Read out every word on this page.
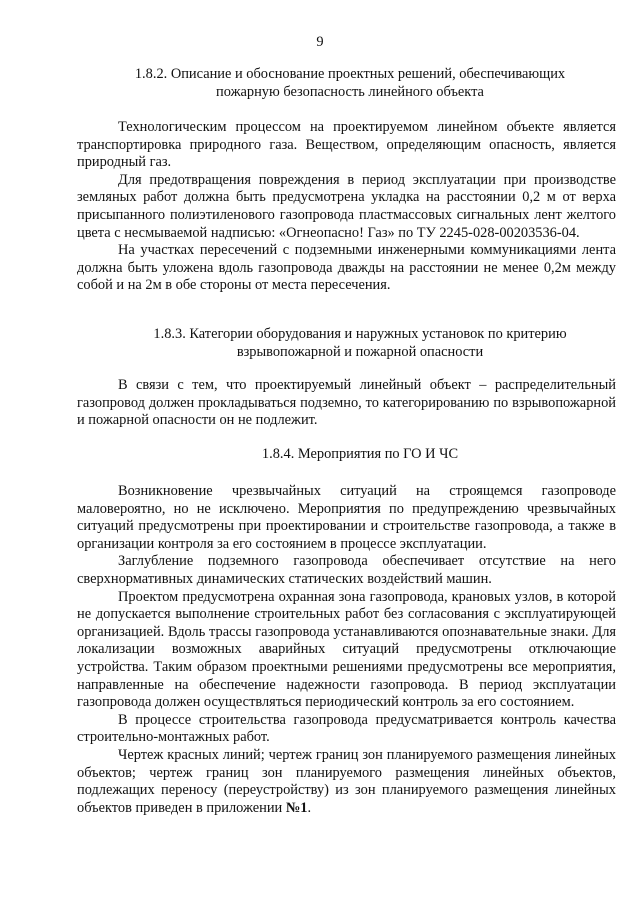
9

1.8.2. Описание и обоснование проектных решений, обеспечивающих

пожарную безопасность линейного объекта

Технологическим процессом на проектируемом линейном объекте является транспортировка природного газа. Веществом, определяющим опасность, является природный газ.

Для предотвращения повреждения в период эксплуатации при производстве земляных работ должна быть предусмотрена укладка на расстоянии 0,2 м от верха присыпанного полиэтиленового газопровода пластмассовых сигнальных лент желтого цвета с несмываемой надписью: «Огнеопасно! Газ» по ТУ 2245-028-00203536-04.

На участках пересечений с подземными инженерными коммуникациями лента должна быть уложена вдоль газопровода дважды на расстоянии не менее 0,2м между собой и на 2м в обе стороны от места пересечения.

1.8.3. Категории оборудования и наружных установок по критерию

взрывопожарной и пожарной опасности

В связи с тем, что проектируемый линейный объект – распределительный газопровод должен прокладываться подземно, то категорированию по взрывопожарной и пожарной опасности он не подлежит.

1.8.4. Мероприятия по ГО И ЧС

Возникновение чрезвычайных ситуаций на строящемся газопроводе маловероятно, но не исключено. Мероприятия по предупреждению чрезвычайных ситуаций предусмотрены при проектировании и строительстве газопровода, а также в организации контроля за его состоянием в процессе эксплуатации.

Заглубление подземного газопровода обеспечивает отсутствие на него сверхнормативных динамических статических воздействий машин.

Проектом предусмотрена охранная зона газопровода, крановых узлов, в которой не допускается выполнение строительных работ без согласования с эксплуатирующей организацией. Вдоль трассы газопровода устанавливаются опознавательные знаки. Для локализации возможных аварийных ситуаций предусмотрены отключающие устройства. Таким образом проектными решениями предусмотрены все мероприятия, направленные на обеспечение надежности газопровода. В период эксплуатации газопровода должен осуществляться периодический контроль за его состоянием.

В процессе строительства газопровода предусматривается контроль качества строительно-монтажных работ.

Чертеж красных линий; чертеж границ зон планируемого размещения линейных объектов; чертеж границ зон планируемого размещения линейных объектов, подлежащих переносу (переустройству) из зон планируемого размещения линейных объектов приведен в приложении №1.
